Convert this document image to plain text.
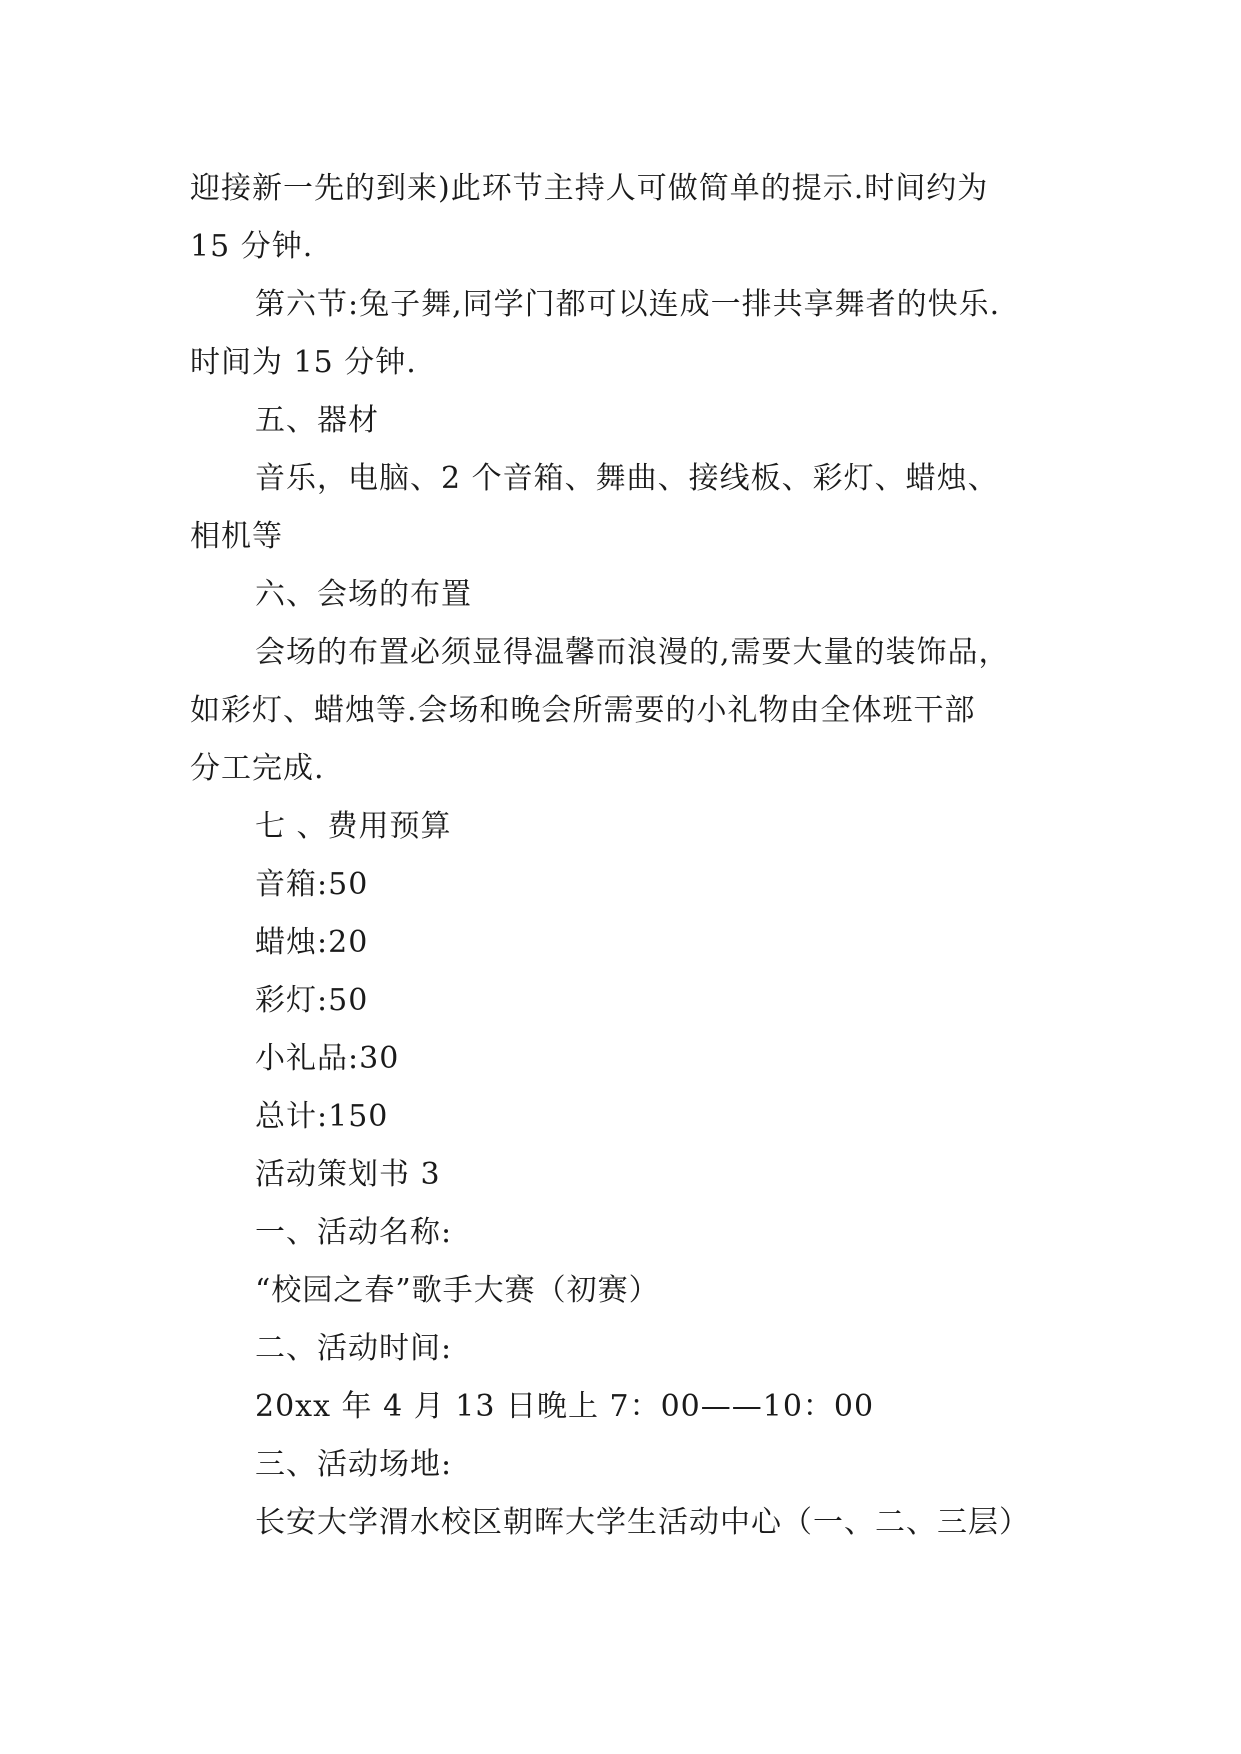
迎接新一先的到来)此环节主持人可做简单的提示.时间约为
15 分钟.
第六节:兔子舞,同学门都可以连成一排共享舞者的快乐.
时间为 15 分钟.
五、器材
音乐，电脑、2 个音箱、舞曲、接线板、彩灯、蜡烛、
相机等
六、会场的布置
会场的布置必须显得温馨而浪漫的,需要大量的装饰品，
如彩灯、蜡烛等.会场和晚会所需要的小礼物由全体班干部
分工完成.
七 、费用预算
音箱:50
蜡烛:20
彩灯:50
小礼品:30
总计:150
活动策划书 3
一、活动名称:
“校园之春”歌手大赛（初赛）
二、活动时间:
20xx 年 4 月 13 日晚上 7：00——10：00
三、活动场地:
长安大学渭水校区朝晖大学生活动中心（一、二、三层）
